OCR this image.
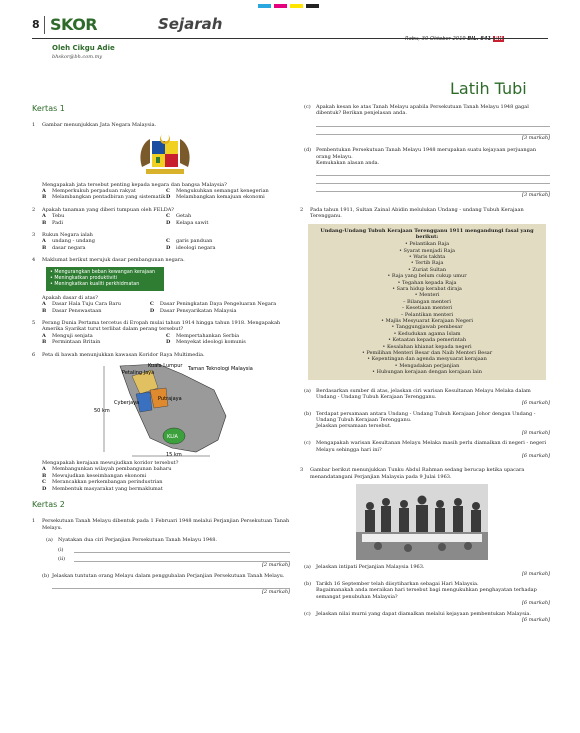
8 SKOR	Sejarah
Rabu, 30 Oktober 2019 BIL. 841 BH
Oleh Cikgu Adie
bhskor@bh.com.my
Latih Tubi
Kertas 1
1 Gambar menunjukkan Jata Negara Malaysia.
Mengapakah jata tersebut penting kepada negara dan bangsa Malaysia?
A	Memperkukuh perpaduan rakyat
B	Melambangkan pentadbiran yang sistematik
C	Mengukuhkan semangat kenegerian
D	Melambangkan kemajuan ekonomi
2 Apakah tanaman yang diberi tumpuan oleh FELDA?
A	Tebu
B	Padi
C	Getah
D	Kelapa sawit
3 Rukun Negara ialah
A	undang - undang
B	dasar negara
C	garis panduan
D	ideologi negara
4 Maklumat berikut merujuk dasar pembangunan negara.
• Mengurangkan beban kewangan kerajaan
• Meningkatkan produktiviti
• Meningkatkan kualiti perkhidmatan
Apakah dasar di atas?
A	Dasar Hala Tuju Cara Baru
B	Dasar Penswastaan
C	Dasar Peningkatan Daya Pengeluaran Negara
D	Dasar Pensyarikatan Malaysia
5 Perang Dunia Pertama tercetus di Eropah mulai tahun 1914 hingga tahun 1918. Mengapakah Amerika Syarikat turut terlibat dalam perang tersebut?
A	Menguji senjata
B	Permintaan Britain
C	Mempertahankan Serbia
D	Menyekat ideologi komunis
6 Peta di bawah menunjukkan kawasan Koridor Raya Multimedia.
50 km
15 km
Kuala Lumpur
Petaling Jaya
Taman Teknologi Malaysia
Cyberjaya
Putrajaya
KLIA
Mengapakah kerajaan mewujudkan koridor tersebut?
A	Membangunkan wilayah pembangunan baharu
B	Mewujudkan keseimbangan ekonomi
C	Merancakkan perkembangan perindustrian
D	Membentuk masyarakat yang bermaklumat
Kertas 2
1 Persekutuan Tanah Melayu dibentuk pada 1 Februari 1948 melalui Perjanjian Persekutuan Tanah Melayu.
(a) Nyatakan dua ciri Perjanjian Persekutuan Tanah Melayu 1948.
(i)
(ii)
[2 markah]
(b) Jelaskan tuntutan orang Melayu dalam penggubalan Perjanjian Persekutuan Tanah Melayu.
[2 markah]
(c) Apakah kesan ke atas Tanah Melayu apabila Persekutuan Tanah Melayu 1948 gagal dibentuk? Berikan penjelasan anda.
[3 markah]
(d) Pembentukan Persekutuan Tanah Melayu 1948 merupakan suatu kejayaan perjuangan orang Melayu.
Kemukakan alasan anda.
[3 markah]
2 Pada tahun 1911, Sultan Zainal Abidin melulukan Undang - undang Tubuh Kerajaan Terengganu.
Undang-Undang Tubuh Kerajaan Terengganu 1911 mengandungi fasal yang berikut:
• Pelantikan Raja
• Syarat menjadi Raja
• Waris takhta
• Tertib Raja
• Zuriat Sultan
• Raja yang belum cukup umur
• Tegahan kepada Raja
• Sara hidup kerabat diraja
• Menteri
– Bilangan menteri
– Kesetiaan menteri
– Pelantikan menteri
• Majlis Mesyuarat Kerajaan Negeri
• Tanggungjawab pembesar
• Kedudukan agama Islam
• Ketaatan kepada pemerintah
• Kesalahan khianat kepada negeri
• Pemilihan Menteri Besar dan Naib Menteri Besar
• Kepentingan dan agenda mesyuarat kerajaan
• Mengadakan perjanjian
• Hubungan kerajaan dengan kerajaan lain
(a) Berdasarkan sumber di atas, jelaskan ciri warisan Kesultanan Melayu Melaka dalam Undang - Undang Tubuh Kerajaan Terengganu.
[6 markah]
(b) Terdapat persamaan antara Undang - Undang Tubuh Kerajaan Johor dengan Undang - Undang Tubuh Kerajaan Terengganu.
Jelaskan persamaan tersebut.
[8 markah]
(c) Mengapakah warisan Kesultanan Melayu Melaka masih perlu diamalkan di negeri - negeri Melayu sehingga hari ini?
[6 markah]
3 Gambar berikut menunjukkan Tunku Abdul Rahman sedang berucap ketika upacara menandatangani Perjanjian Malaysia pada 9 Julai 1963.
(a) Jelaskan intipati Perjanjian Malaysia 1963.
[8 markah]
(b) Tarikh 16 September telah diisytiharkan sebagai Hari Malaysia.
Bagaimanakah anda meraikan hari tersebut bagi mengukuhkan penghayatan terhadap semangat penubuhan Malaysia?
[6 markah]
(c) Jelaskan nilai murni yang dapat diamalkan melalui kejayaan pembentukan Malaysia.
[6 markah]
